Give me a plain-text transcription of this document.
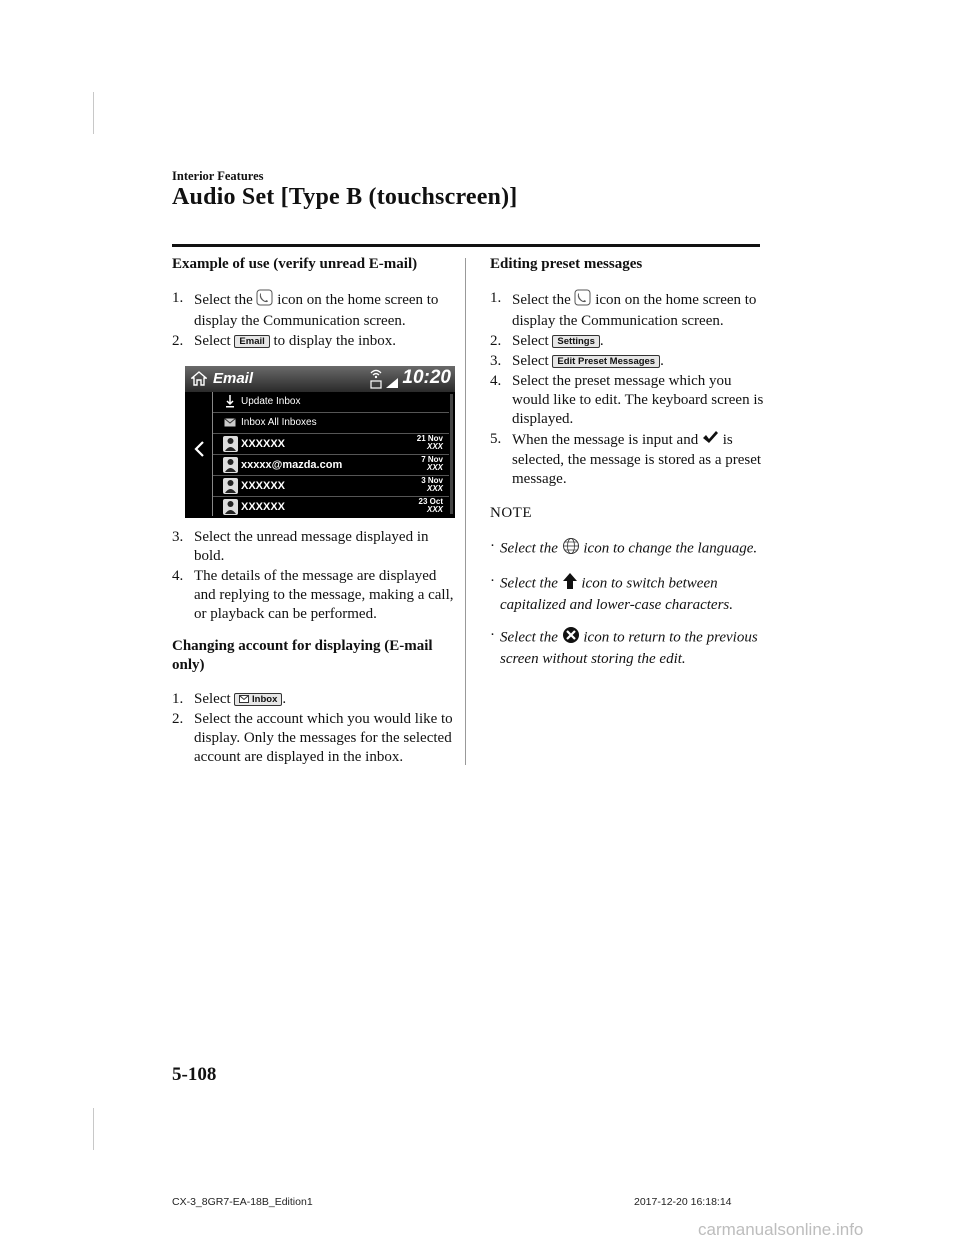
Interior Features
Audio Set [Type B (touchscreen)]
Example of use (verify unread E-mail)
1. Select the icon on the home screen to display the Communication screen.
2. Select Email to display the inbox.
Email	10:20
Update Inbox
Inbox All Inboxes
XXXXXX	21 Nov
XXX
xxxxx@mazda.com	7 Nov
XXX
XXXXXX	3 Nov
XXX
XXXXXX	23 Oct
XXX
3. Select the unread message displayed in bold.
4. The details of the message are displayed and replying to the message, making a call, or playback can be performed.
Changing account for displaying (E-mail only)
1. Select Inbox .
2. Select the account which you would like to display. Only the messages for the selected account are displayed in the inbox.
Editing preset messages
1. Select the icon on the home screen to display the Communication screen.
2. Select Settings .
3. Select Edit Preset Messages .
4. Select the preset message which you would like to edit. The keyboard screen is displayed.
5. When the message is input and is selected, the message is stored as a preset message.
NOTE
· Select the icon to change the language.
· Select the icon to switch between capitalized and lower-case characters.
· Select the icon to return to the previous screen without storing the edit.
5-108
CX-3_8GR7-EA-18B_Edition1	2017-12-20 16:18:14
carmanualsonline.info
